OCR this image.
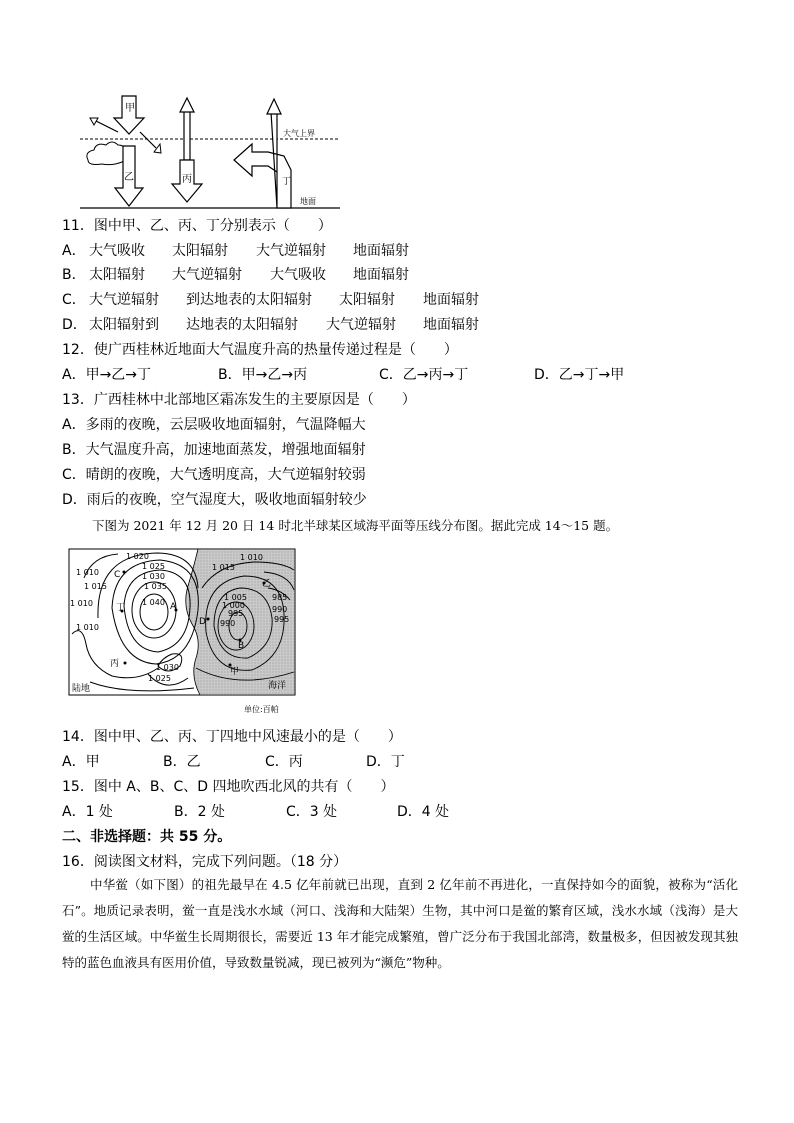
甲
乙	丙	丁
大气上界
地面
11．图中甲、乙、丙、丁分别表示（　　）
A． 大气吸收 太阳辐射 大气逆辐射 地面辐射
B． 太阳辐射 大气逆辐射 大气吸收 地面辐射
C． 大气逆辐射 到达地表的太阳辐射 太阳辐射 地面辐射
D． 太阳辐射到 达地表的太阳辐射 大气逆辐射 地面辐射
12．使广西桂林近地面大气温度升高的热量传递过程是（　　）
A．甲→乙→丁	B．甲→乙→丙	C．乙→丙→丁	D．乙→丁→甲
13．广西桂林中北部地区霜冻发生的主要原因是（　　）
A．多雨的夜晚，云层吸收地面辐射，气温降幅大
B．大气温度升高，加速地面蒸发，增强地面辐射
C．晴朗的夜晚，大气透明度高，大气逆辐射较弱
D．雨后的夜晚，空气湿度大，吸收地面辐射较少
下图为 2021 年 12 月 20 日 14 时北半球某区域海平面等压线分布图。据此完成 14～15 题。
1 020
1 015
1 010
1 025
1 030
1 035
1 040
1 010
1 010
1 030
1 025
1 015
1 010
1 005
1 000
995
990
985
990
995
C
A
丁
丙
D
B
乙
甲
陆地	海洋
单位:百帕
14．图中甲、乙、丙、丁四地中风速最小的是（　　）
A．甲	B．乙	C．丙	D．丁
15．图中 A、B、C、D 四地吹西北风的共有（　　）
A．1 处	B．2 处	C．3 处	D．4 处
二、非选择题：共 55 分。
16．阅读图文材料，完成下列问题。（18 分）
中华鲎（如下图）的祖先最早在 4.5 亿年前就已出现，直到 2 亿年前不再进化，一直保持如今的面貌，被称为“活化石”。地质记录表明，鲎一直是浅水水域（河口、浅海和大陆架）生物，其中河口是鲎的繁育区域，浅水水域（浅海）是大鲎的生活区域。中华鲎生长周期很长，需要近 13 年才能完成繁殖，曾广泛分布于我国北部湾，数量极多，但因被发现其独特的蓝色血液具有医用价值，导致数量锐减，现已被列为“濒危”物种。
